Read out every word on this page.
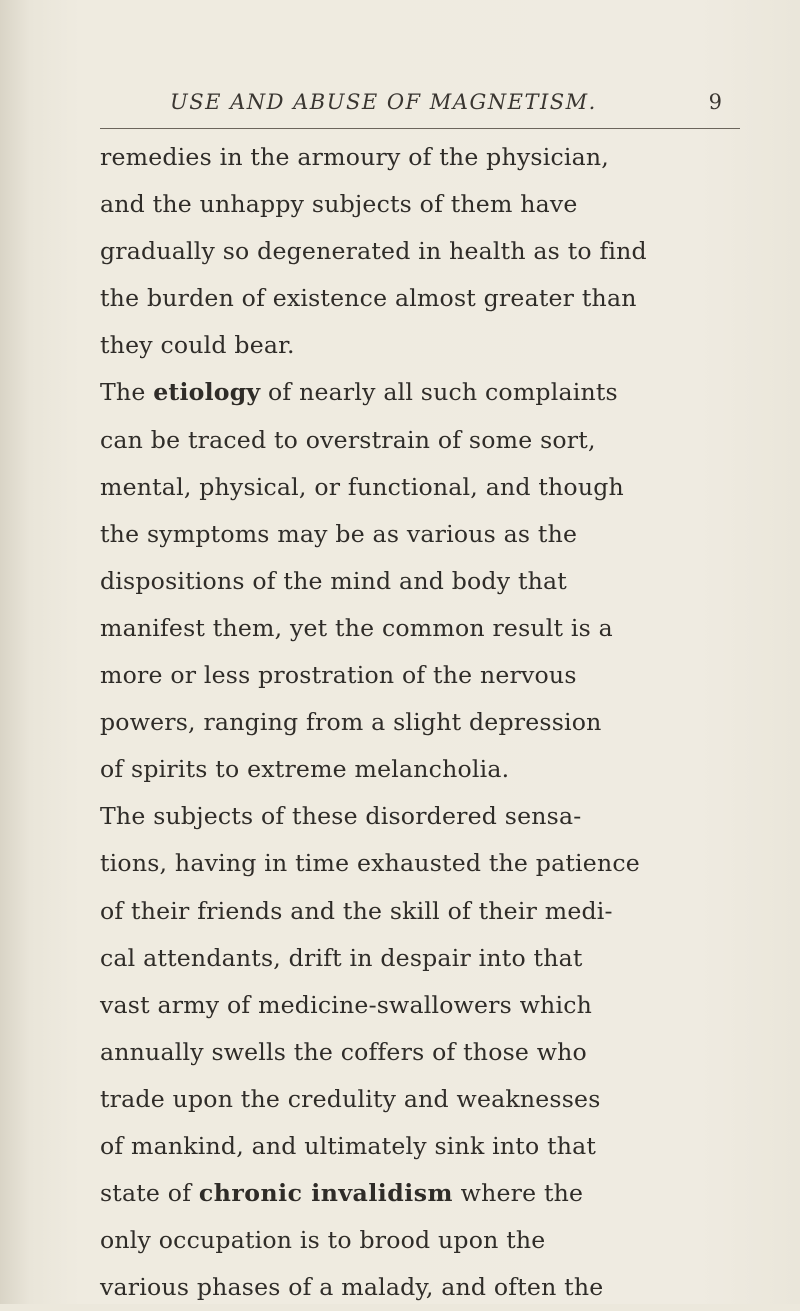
USE AND ABUSE OF MAGNETISM.	9
remedies in the armoury of the physician,
and the unhappy subjects of them have
gradually so degenerated in health as to find
the burden of existence almost greater than
they could bear.
The etiology of nearly all such complaints
can be traced to overstrain of some sort,
mental, physical, or functional, and though
the symptoms may be as various as the
dispositions of the mind and body that
manifest them, yet the common result is a
more or less prostration of the nervous
powers, ranging from a slight depression
of spirits to extreme melancholia.
The subjects of these disordered sensa-
tions, having in time exhausted the patience
of their friends and the skill of their medi-
cal attendants, drift in despair into that
vast army of medicine-swallowers which
annually swells the coffers of those who
trade upon the credulity and weaknesses
of mankind, and ultimately sink into that
state of chronic invalidism where the
only occupation is to brood upon the
various phases of a malady, and often the
